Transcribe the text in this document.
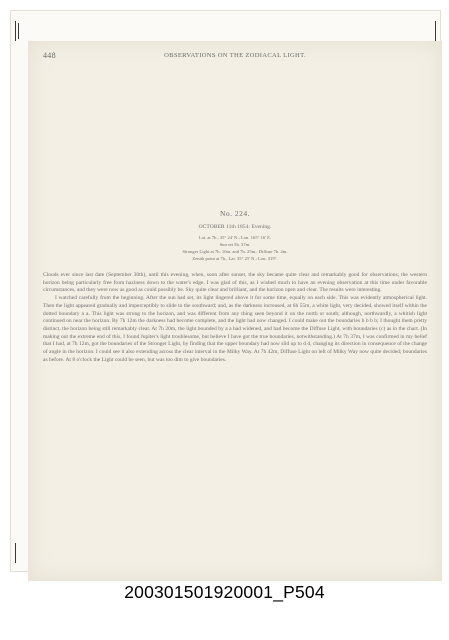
448	OBSERVATIONS ON THE ZODIACAL LIGHT.
No. 224.
OCTOBER 11th 1854: Evening.
Lat. at 7h., 35° 24' N.; Lon. 165° 16' E.
Sun set 5h. 37m.
Stronger Light at 7h. 10m. and 7h. 25m.; Diffuse 7h. 2m.
Zenith point at 7h., Lat. 35° 25' N.; Lon. 319°.

Clouds ever since last date (September 30th), until this evening, when, soon after sunset, the sky became quite clear and remarkably good for observations; the western horizon being particularly free from haziness down to the water's edge. I was glad of this, as I wished much to have an evening observation at this time under favorable circumstances, and they were now as good as could possibly be. Sky quite clear and brilliant, and the horizon open and clear. The results were interesting.

I watched carefully from the beginning. After the sun had set, its light lingered above it for some time, equally on each side. This was evidently atmospherical light. Then the light appeared gradually and imperceptibly to slide to the southward; and, as the darkness increased, at 6h 55m, a white light, very decided, showed itself within the dotted boundary a a. This light was strong to the horizon, and was different from any thing seen beyond it on the north or south; although, northwardly, a whitish light continued on near the horizon. By 7h 12m the darkness had become complete, and the light had now changed. I could make out the boundaries b b b b; I thought them pretty distinct, the horizon being still remarkably clear. At 7h 20m, the light bounded by a a had widened, and had become the Diffuse Light, with boundaries (c) as in the chart. (In making out the extreme end of this, I found Jupiter's light troublesome, but believe I have got the true boundaries, notwithstanding.) At 7h 37m, I was confirmed in my belief that I had, at 7h 12m, got the boundaries of the Stronger Light, by finding that the upper boundary had now slid up to d d, changing its direction in consequence of the change of angle in the horizon. I could see it also extending across the clear interval in the Milky Way. At 7h 42m, Diffuse Light on left of Milky Way now quite decided; boundaries as before. At 8 o'clock the Light could be seen, but was too dim to give boundaries.

200301501920001_P504
